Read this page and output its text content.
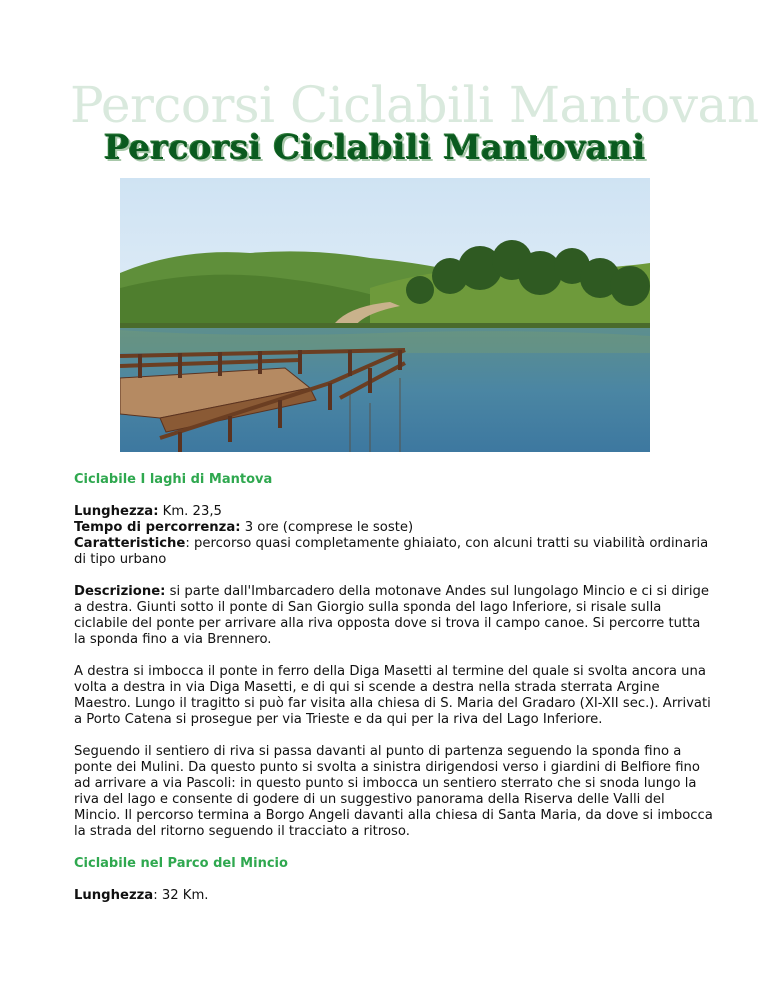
Percorsi Ciclabili Mantovan
Percorsi Ciclabili Mantovani
Ciclabile I laghi di Mantova

Lunghezza: Km. 23,5
Tempo di percorrenza: 3 ore (comprese le soste)
Caratteristiche: percorso quasi completamente ghiaiato, con alcuni tratti su viabilità ordinaria di tipo urbano

Descrizione: si parte dall'Imbarcadero della motonave Andes sul lungolago Mincio e ci si dirige a destra. Giunti sotto il ponte di San Giorgio sulla sponda del lago Inferiore, si risale sulla ciclabile del ponte per arrivare alla riva opposta dove si trova il campo canoe. Si percorre tutta la sponda fino a via Brennero.

A destra si imbocca il ponte in ferro della Diga Masetti al termine del quale si svolta ancora una volta a destra in via Diga Masetti, e di qui si scende a destra nella strada sterrata Argine Maestro. Lungo il tragitto si può far visita alla chiesa di S. Maria del Gradaro (XI-XII sec.). Arrivati a Porto Catena si prosegue per via Trieste e da qui per la riva del Lago Inferiore.

Seguendo il sentiero di riva si passa davanti al punto di partenza seguendo la sponda fino a ponte dei Mulini. Da questo punto si svolta a sinistra dirigendosi verso i giardini di Belfiore fino ad arrivare a via Pascoli: in questo punto si imbocca un sentiero sterrato che si snoda lungo la riva del lago e consente di godere di un suggestivo panorama della Riserva delle Valli del Mincio. Il percorso termina a Borgo Angeli davanti alla chiesa di Santa Maria, da dove si imbocca la strada del ritorno seguendo il tracciato a ritroso.

Ciclabile nel Parco del Mincio

Lunghezza: 32 Km.
